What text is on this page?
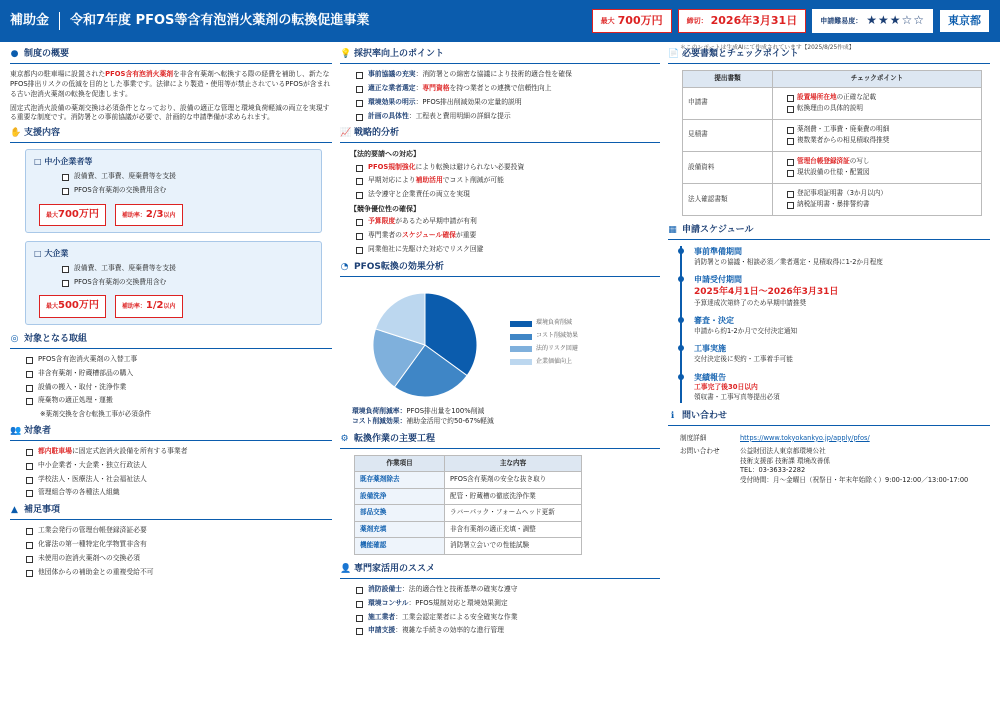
補助金	令和7年度 PFOS等含有泡消火薬剤の転換促進事業	最大 700万円	締切： 2026年3月31日	申請難易度： ★★★☆☆	東京都
＊このレポートは生成AIにて作成されています【2025/8/25作成】
● 制度の概要

東京都内の駐車場に設置されたPFOS含有泡消火薬剤を非含有薬剤へ転換する際の経費を補助し、新たなPFOS排出リスクの低減を目的とした事業です。法律により製造・使用等が禁止されているPFOSが含まれる古い泡消火薬剤の転換を促進します。

固定式泡消火設備の薬剤交換は必須条件となっており、設備の適正な管理と環境負荷軽減の両立を実現する重要な制度です。消防署との事前協議が必要で、計画的な申請準備が求められます。

✋ 支援内容
□ 中小企業者等
設備費、工事費、廃棄費等を支援
PFOS含有薬剤の交換費用含む
最大700万円	補助率：2/3以内
□ 大企業
設備費、工事費、廃棄費等を支援
PFOS含有薬剤の交換費用含む
最大500万円	補助率：1/2以内
◎ 対象となる取組
PFOS含有泡消火薬剤の入替工事
非含有薬剤・貯蔵槽部品の購入
設備の搬入・取付・洗浄作業
廃棄物の適正処理・運搬
※薬剤交換を含む転換工事が必須条件
👥 対象者
都内駐車場に固定式泡消火設備を所有する事業者
中小企業者・大企業・独立行政法人
学校法人・医療法人・社会福祉法人
管理組合等の各種法人組織
▲ 補足事項
工業会発行の管理台帳登録済証必要
化審法の第一種特定化学物質非含有
未使用の泡消火薬剤への交換必須
他団体からの補助金との重複受給不可
💡 採択率向上のポイント
事前協議の充実：消防署との綿密な協議により技術的適合性を確保
適正な業者選定：専門資格を持つ業者との連携で信頼性向上
環境効果の明示：PFOS排出削減効果の定量的説明
計画の具体性：工程表と費用明細の詳細な提示
📈 戦略的分析
【法的要請への対応】
PFOS規制強化により転換は避けられない必要投資
早期対応により補助活用でコスト削減が可能
法令遵守と企業責任の両立を実現
【競争優位性の確保】
予算限度があるため早期申請が有利
専門業者のスケジュール確保が重要
同業他社に先駆けた対応でリスク回避
◔ PFOS転換の効果分析
環境負荷削減
コスト削減効果
法的リスク回避
企業価値向上
環境負荷削減率：PFOS排出量を100%削減
コスト削減効果：補助金活用で約50-67%軽減
⚙ 転換作業の主要工程
作業項目	主な内容
既存薬剤除去	PFOS含有薬剤の安全な抜き取り
設備洗浄	配管・貯蔵槽の徹底洗浄作業
部品交換	ラバーパック・フォームヘッド更新
薬剤充填	非含有薬剤の適正充填・調整
機能確認	消防署立会いでの性能試験
👤 専門家活用のススメ
消防設備士：法的適合性と技術基準の確実な遵守
環境コンサル：PFOS規制対応と環境効果測定
施工業者：工業会認定業者による安全確実な作業
申請支援：複雑な手続きの効率的な進行管理
📄 必要書類とチェックポイント
提出書類	チェックポイント
申請書	設置場所在地の正確な記載
転換理由の具体的説明

見積書	薬剤費・工事費・廃棄費の明細
複数業者からの相見積取得推奨

設備資料	管理台帳登録済証の写し
現状設備の仕様・配置図

法人確認書類	登記事項証明書（3か月以内）
納税証明書・暴排誓約書
▦ 申請スケジュール
事前準備期間
消防署との協議・相談必須／業者選定・見積取得に1-2か月程度
申請受付期間
2025年4月1日〜2026年3月31日
予算達成次第終了のため早期申請推奨
審査・決定
申請から約1-2か月で交付決定通知
工事実施
交付決定後に契約・工事着手可能
実績報告
工事完了後30日以内
領収書・工事写真等提出必須
ℹ 問い合わせ
制度詳細	https://www.tokyokankyo.jp/apply/pfos/
お問い合わせ	公益財団法人東京都環境公社
技術支援部 技術課 環境改善係
TEL：03-3633-2282
受付時間：月〜金曜日（祝祭日・年末年始除く）9:00-12:00／13:00-17:00
